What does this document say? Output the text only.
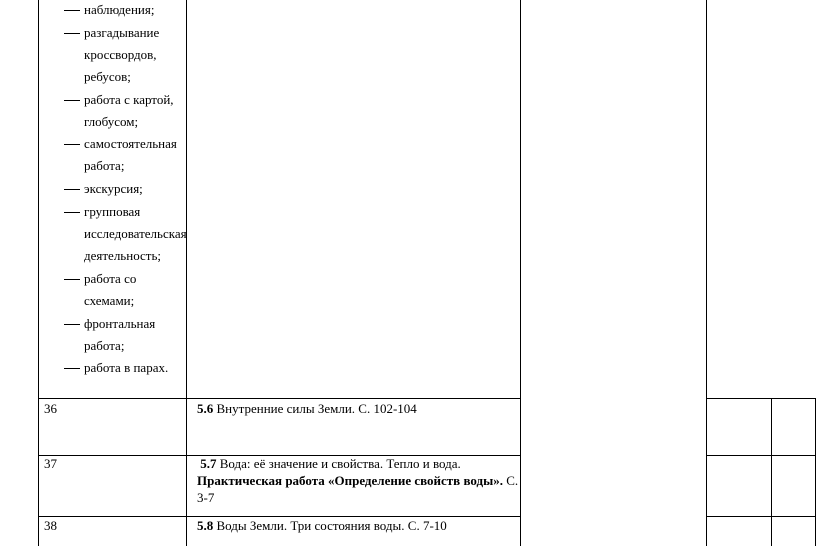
наблюдения;
разгадывание
кроссвордов,
ребусов;
работа с картой,
глобусом;
самостоятельная
работа;
экскурсия;
групповая
исследовательская
деятельность;
работа со
схемами;
фронтальная
работа;
работа в парах.
36	5.6 Внутренние силы Земли. С. 102-104
37	5.7 Вода: её значение и свойства. Тепло и вода.
Практическая работа «Определение свойств воды». С.
3-7
38	5.8 Воды Земли. Три состояния воды. С. 7-10
